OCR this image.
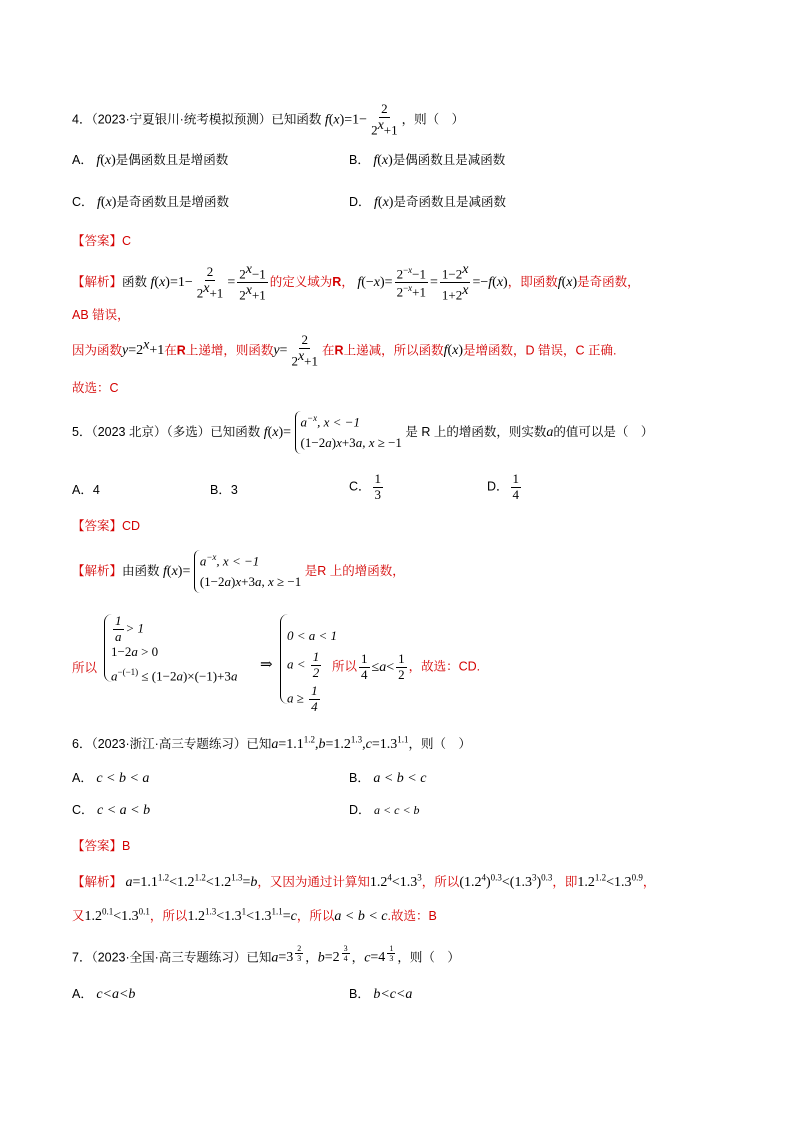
4．（2023·宁夏银川·统考模拟预测）已知函数 $f(x)=1- \frac{2}{2^x+1}$ ，则（　）
A． f(x)是偶函数且是增函数	B． f(x)是偶函数且是减函数
C． f(x)是奇函数且是增函数	D． f(x)是奇函数且是减函数
【答案】C
【解析】函数 $f(x)=1- \frac{2}{2^x+1} = \frac{2^x-1}{2^x+1}$ 的定义域为R， $f(-x)= \frac{2^{-x}-1}{2^{-x}+1} = \frac{1-2^x}{1+2^x} =-f(x)$，即函数f(x)是奇函数，
AB 错误，
因为函数$y=2^x+1$在R上递增，则函数$y= \frac{2}{2^x+1}$ 在R上递减，所以函数f(x)是增函数，D 错误，C 正确.
故选：C
5．（2023 北京）（多选）已知函数 f(x)=
$a^{-x}$, x < −1
(1−2a)x+3a, x ≥ −1
是 R 上的增函数，则实数a的值可以是（　）
A．4	B．3	C． $\frac{1}{3}$	D． $\frac{1}{4}$
【答案】CD
【解析】由函数 f(x)=
$a^{-x}$, x < −1
(1−2a)x+3a, x ≥ −1
是R 上的增函数，
所以
$\frac{1}{a} > 1$
1−2a > 0
$a^{-(-1)} \le (1-2a)\times(-1)+3a$
⇒
0 < a < 1
$a < \frac{1}{2}$
$a \ge \frac{1}{4}$
所以 $\frac{1}{4} \le a< \frac{1}{2}$ ，故选：CD.
6．（2023·浙江·高三专题练习）已知$a=1.1^{1.2},b=1.2^{1.3},c=1.3^{1.1}$，则（　）
A． c < b < a	B． a < b < c
C． c < a < b	D． a < c < b
【答案】B
【解析】 $a=1.1^{1.2}<1.2^{1.2}<1.2^{1.3}=b$，又因为通过计算知$1.2^4<1.3^3$，所以$(1.2^4)^{0.3}<(1.3^3)^{0.3}$，即$1.2^{1.2}<1.3^{0.9}$，
又$1.2^{0.1}<1.3^{0.1}$，所以$1.2^{1.3}<1.3^1<1.3^{1.1}=c$，所以a < b < c.故选：B
7．（2023·全国·高三专题练习）已知a=3 $^{\frac{2}{3}}$ ，b=2 $^{\frac{3}{4}}$ ，c=4 $^{\frac{1}{3}}$ ，则（　）
A． c<a<b	B． b<c<a
